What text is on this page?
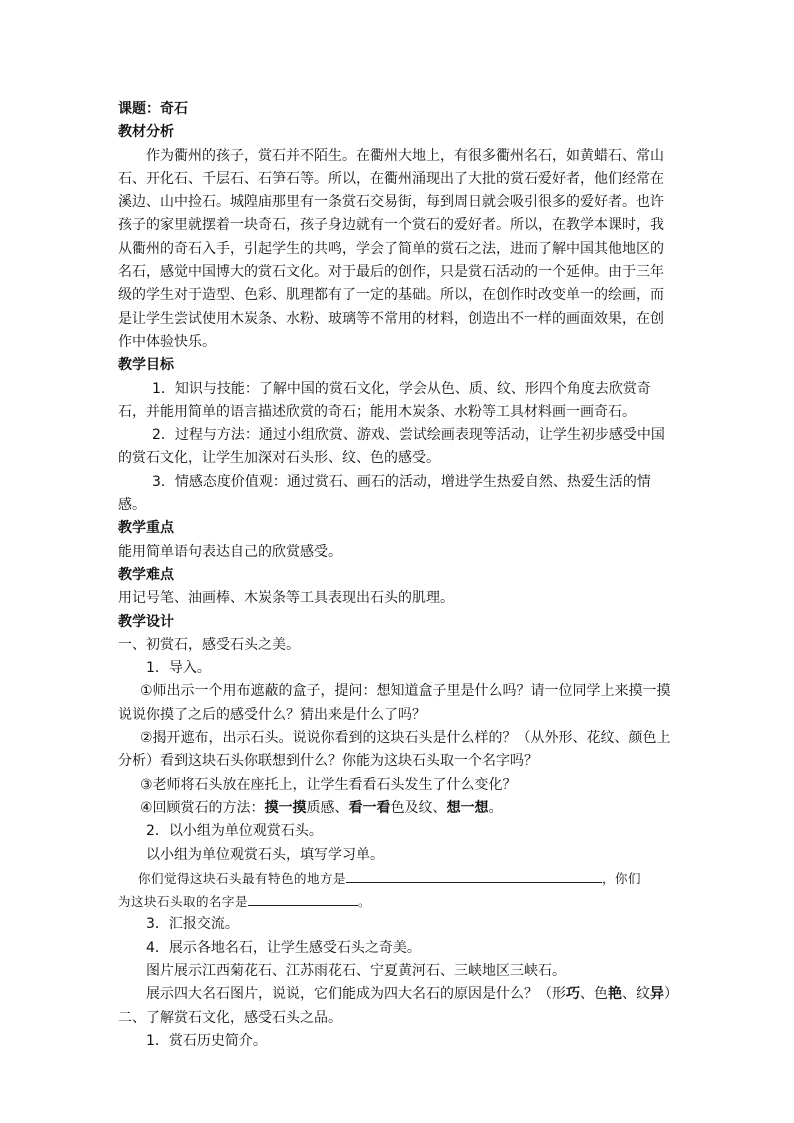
课题：奇石
教材分析
作为衢州的孩子，赏石并不陌生。在衢州大地上，有很多衢州名石，如黄蜡石、常山
石、开化石、千层石、石笋石等。所以，在衢州涌现出了大批的赏石爱好者，他们经常在
溪边、山中捡石。城隍庙那里有一条赏石交易街，每到周日就会吸引很多的爱好者。也许
孩子的家里就摆着一块奇石，孩子身边就有一个赏石的爱好者。所以，在教学本课时，我
从衢州的奇石入手，引起学生的共鸣，学会了简单的赏石之法，进而了解中国其他地区的
名石，感觉中国博大的赏石文化。对于最后的创作，只是赏石活动的一个延伸。由于三年
级的学生对于造型、色彩、肌理都有了一定的基础。所以，在创作时改变单一的绘画，而
是让学生尝试使用木炭条、水粉、玻璃等不常用的材料，创造出不一样的画面效果，在创
作中体验快乐。
教学目标
1．知识与技能：了解中国的赏石文化，学会从色、质、纹、形四个角度去欣赏奇
石，并能用简单的语言描述欣赏的奇石；能用木炭条、水粉等工具材料画一画奇石。
2．过程与方法：通过小组欣赏、游戏、尝试绘画表现等活动，让学生初步感受中国
的赏石文化，让学生加深对石头形、纹、色的感受。
3．情感态度价值观：通过赏石、画石的活动，增进学生热爱自然、热爱生活的情
感。
教学重点
能用简单语句表达自己的欣赏感受。
教学难点
用记号笔、油画棒、木炭条等工具表现出石头的肌理。
教学设计
一、初赏石，感受石头之美。
1．导入。
①师出示一个用布遮蔽的盒子，提问：想知道盒子里是什么吗？请一位同学上来摸一摸
说说你摸了之后的感受什么？猜出来是什么了吗？
②揭开遮布，出示石头。说说你看到的这块石头是什么样的？（从外形、花纹、颜色上
分析）看到这块石头你联想到什么？你能为这块石头取一个名字吗？
③老师将石头放在座托上，让学生看看石头发生了什么变化？
④回顾赏石的方法：摸一摸质感、看一看色及纹、想一想。
2．以小组为单位观赏石头。
以小组为单位观赏石头，填写学习单。
你们觉得这块石头最有特色的地方是	，你们
为这块石头取的名字是	。
3．汇报交流。
4．展示各地名石，让学生感受石头之奇美。
图片展示江西菊花石、江苏雨花石、宁夏黄河石、三峡地区三峡石。
展示四大名石图片，说说，它们能成为四大名石的原因是什么？（形巧、色艳、纹异）
二、了解赏石文化，感受石头之品。
1．赏石历史简介。
